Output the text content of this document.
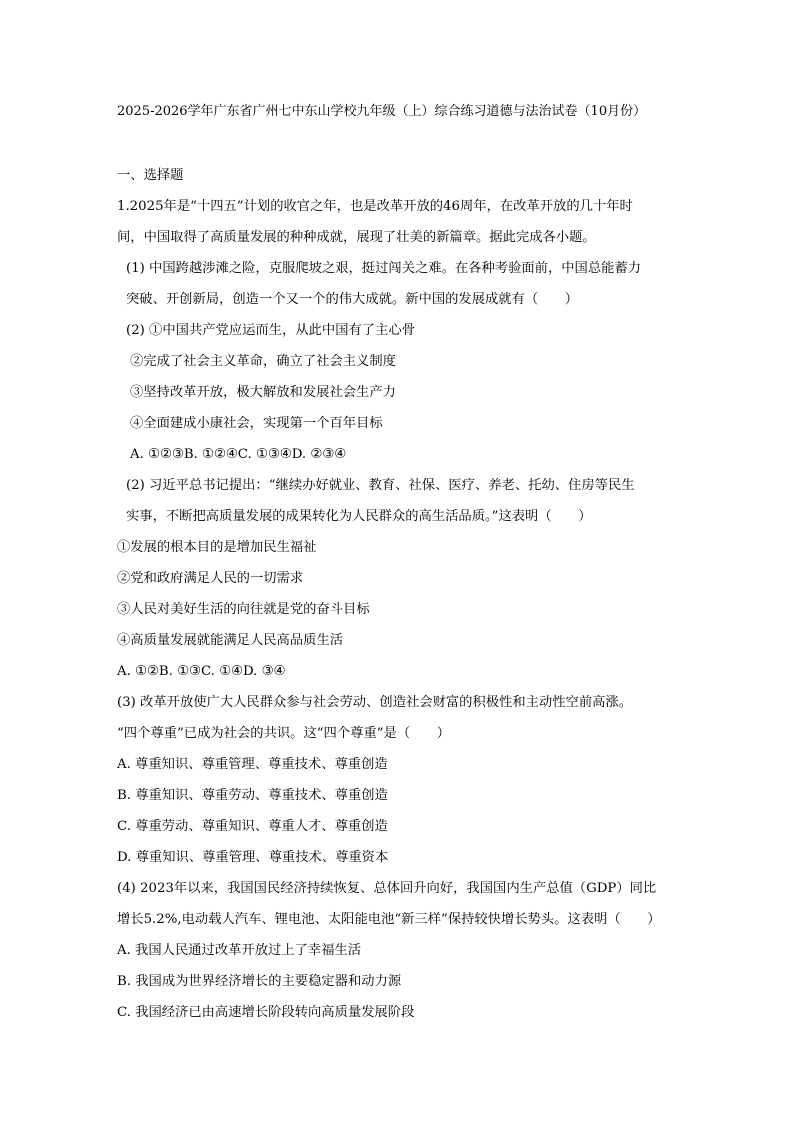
2025-2026学年广东省广州七中东山学校九年级（上）综合练习道德与法治试卷（10月份）
一、选择题
1.2025年是“十四五”计划的收官之年，也是改革开放的46周年，在改革开放的几十年时
间，中国取得了高质量发展的种种成就，展现了壮美的新篇章。据此完成各小题。
(1) 中国跨越涉滩之险，克服爬坡之艰，挺过闯关之难。在各种考验面前，中国总能蓄力
突破、开创新局，创造一个又一个的伟大成就。新中国的发展成就有（　　）
(2) ①中国共产党应运而生，从此中国有了主心骨
②完成了社会主义革命，确立了社会主义制度
③坚持改革开放，极大解放和发展社会生产力
④全面建成小康社会，实现第一个百年目标
A. ①②③B. ①②④C. ①③④D. ②③④
(2) 习近平总书记提出：“继续办好就业、教育、社保、医疗、养老、托幼、住房等民生
实事，不断把高质量发展的成果转化为人民群众的高生活品质。”这表明（　　）
①发展的根本目的是增加民生福祉
②党和政府满足人民的一切需求
③人民对美好生活的向往就是党的奋斗目标
④高质量发展就能满足人民高品质生活
A. ①②B. ①③C. ①④D. ③④
(3) 改革开放使广大人民群众参与社会劳动、创造社会财富的积极性和主动性空前高涨。
“四个尊重”已成为社会的共识。这“四个尊重”是（　　）
A. 尊重知识、尊重管理、尊重技术、尊重创造
B. 尊重知识、尊重劳动、尊重技术、尊重创造
C. 尊重劳动、尊重知识、尊重人才、尊重创造
D. 尊重知识、尊重管理、尊重技术、尊重资本
(4) 2023年以来，我国国民经济持续恢复、总体回升向好，我国国内生产总值（GDP）同比
增长5.2%,电动载人汽车、锂电池、太阳能电池“新三样”保持较快增长势头。这表明（　　）
A. 我国人民通过改革开放过上了幸福生活
B. 我国成为世界经济增长的主要稳定器和动力源
C. 我国经济已由高速增长阶段转向高质量发展阶段
